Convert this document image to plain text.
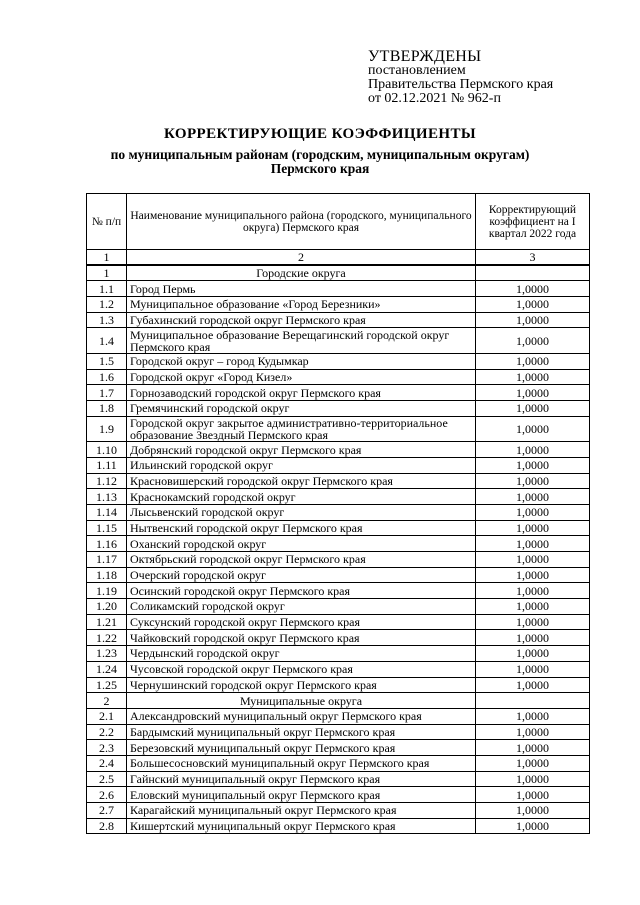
УТВЕРЖДЕНЫ
постановлением
Правительства Пермского края
от 02.12.2021 № 962-п
КОРРЕКТИРУЮЩИЕ КОЭФФИЦИЕНТЫ
по муниципальным районам (городским, муниципальным округам)
Пермского края
№ п/п	Наименование муниципального района (городского, муниципального округа) Пермского края	Корректирующий коэффициент на I квартал 2022 года
1	2	3
1	Городские округа	
1.1	Город Пермь	1,0000
1.2	Муниципальное образование «Город Березники»	1,0000
1.3	Губахинский городской округ Пермского края	1,0000
1.4	Муниципальное образование Верещагинский городской округ Пермского края	1,0000
1.5	Городской округ – город Кудымкар	1,0000
1.6	Городской округ «Город Кизел»	1,0000
1.7	Горнозаводский городской округ Пермского края	1,0000
1.8	Гремячинский городской округ	1,0000
1.9	Городской округ закрытое административно-территориальное образование Звездный Пермского края	1,0000
1.10	Добрянский городской округ Пермского края	1,0000
1.11	Ильинский городской округ	1,0000
1.12	Красновишерский городской округ Пермского края	1,0000
1.13	Краснокамский городской округ	1,0000
1.14	Лысьвенский городской округ	1,0000
1.15	Нытвенский городской округ Пермского края	1,0000
1.16	Оханский городской округ	1,0000
1.17	Октябрьский городской округ Пермского края	1,0000
1.18	Очерский городской округ	1,0000
1.19	Осинский городской округ Пермского края	1,0000
1.20	Соликамский городской округ	1,0000
1.21	Суксунский городской округ Пермского края	1,0000
1.22	Чайковский городской округ Пермского края	1,0000
1.23	Чердынский городской округ	1,0000
1.24	Чусовской городской округ Пермского края	1,0000
1.25	Чернушинский городской округ Пермского края	1,0000
2	Муниципальные округа	
2.1	Александровский муниципальный округ Пермского края	1,0000
2.2	Бардымский муниципальный округ Пермского края	1,0000
2.3	Березовский муниципальный округ Пермского края	1,0000
2.4	Большесосновский муниципальный округ Пермского края	1,0000
2.5	Гайнский муниципальный округ Пермского края	1,0000
2.6	Еловский муниципальный округ Пермского края	1,0000
2.7	Карагайский муниципальный округ Пермского края	1,0000
2.8	Кишертский муниципальный округ Пермского края	1,0000
